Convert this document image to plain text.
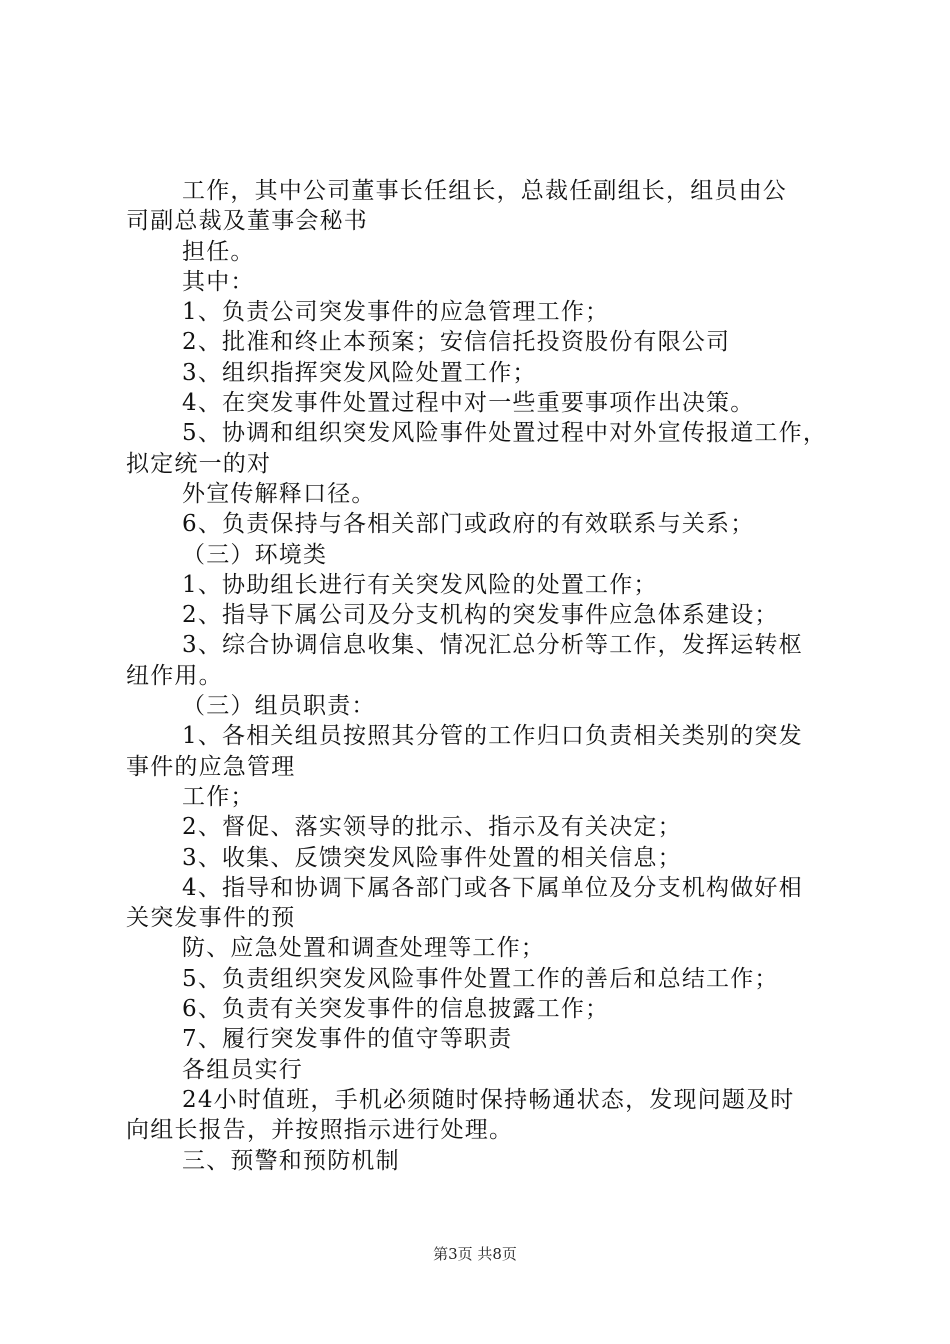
工作，其中公司董事长任组长，总裁任副组长，组员由公

司副总裁及董事会秘书

担任。

其中：

1、负责公司突发事件的应急管理工作；

2、批准和终止本预案；安信信托投资股份有限公司

3、组织指挥突发风险处置工作；

4、在突发事件处置过程中对一些重要事项作出决策。

5、协调和组织突发风险事件处置过程中对外宣传报道工作，

拟定统一的对

外宣传解释口径。

6、负责保持与各相关部门或政府的有效联系与关系；

（三）环境类

1、协助组长进行有关突发风险的处置工作；

2、指导下属公司及分支机构的突发事件应急体系建设；

3、综合协调信息收集、情况汇总分析等工作，发挥运转枢

纽作用。

（三）组员职责：

1、各相关组员按照其分管的工作归口负责相关类别的突发

事件的应急管理

工作；

2、督促、落实领导的批示、指示及有关决定；

3、收集、反馈突发风险事件处置的相关信息；

4、指导和协调下属各部门或各下属单位及分支机构做好相

关突发事件的预

防、应急处置和调查处理等工作；

5、负责组织突发风险事件处置工作的善后和总结工作；

6、负责有关突发事件的信息披露工作；

7、履行突发事件的值守等职责

各组员实行

24小时值班，手机必须随时保持畅通状态，发现问题及时

向组长报告，并按照指示进行处理。

三、预警和预防机制

第3页 共8页
